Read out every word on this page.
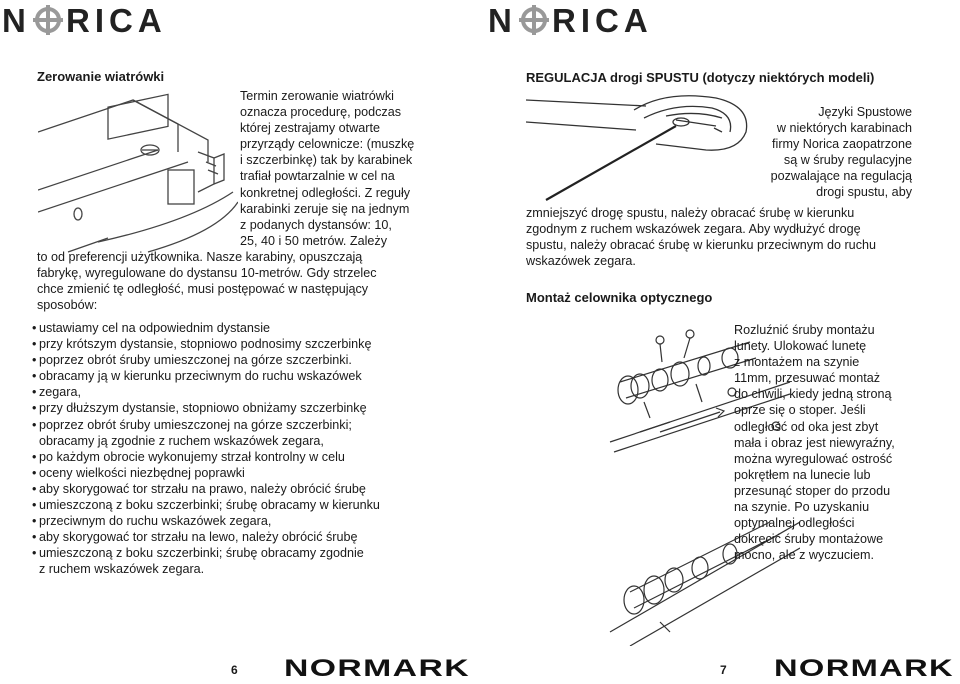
N RICA
Zerowanie wiatrówki
Termin zerowanie wiatrówki
oznacza procedurę, podczas
której zestrajamy otwarte
przyrządy celownicze: (muszkę
i szczerbinkę) tak by karabinek
trafiał powtarzalnie w cel na
konkretnej odległości. Z reguły
karabinki zeruje się na jednym
z podanych dystansów: 10,
25, 40 i 50 metrów. Zależy
to od preferencji użytkownika. Nasze karabiny, opuszczają
fabrykę, wyregulowane do dystansu 10-metrów. Gdy strzelec
chce zmienić tę odległość, musi postępować w następujący
sposobów:
• ustawiamy cel na odpowiednim dystansie
• przy krótszym dystansie, stopniowo podnosimy szczerbinkę
• poprzez obrót śruby umieszczonej na górze szczerbinki.
• obracamy ją w kierunku przeciwnym do ruchu wskazówek
• zegara,
• przy dłuższym dystansie, stopniowo obniżamy szczerbinkę
• poprzez obrót śruby umieszczonej na górze szczerbinki;
obracamy ją zgodnie z ruchem wskazówek zegara,
• po każdym obrocie wykonujemy strzał kontrolny w celu
• oceny wielkości niezbędnej poprawki
• aby skorygować tor strzału na prawo, należy obrócić śrubę
• umieszczoną z boku szczerbinki; śrubę obracamy w kierunku
• przeciwnym do ruchu wskazówek zegara,
• aby skorygować tor strzału na lewo, należy obrócić śrubę
• umieszczoną z boku szczerbinki; śrubę obracamy zgodnie
z ruchem wskazówek zegara.
6 NORMARK
N RICA
REGULACJA drogi SPUSTU (dotyczy niektórych modeli)
Języki Spustowe
w niektórych karabinach
firmy Norica zaopatrzone
są w śruby regulacyjne
pozwalające na regulacją
drogi spustu, aby
zmniejszyć drogę spustu, należy obracać śrubę w kierunku
zgodnym z ruchem wskazówek zegara. Aby wydłużyć drogę
spustu, należy obracać śrubę w kierunku przeciwnym do ruchu
wskazówek zegara.
Montaż celownika optycznego
Rozluźnić śruby montażu
lunety. Ulokować lunetę
z montażem na szynie
11mm, przesuwać montaż
do chwili, kiedy jedną stroną
oprze się o stoper. Jeśli
odległość od oka jest zbyt
mała i obraz jest niewyraźny,
można wyregulować ostrość
pokrętłem na lunecie lub
przesunąć stoper do przodu
na szynie. Po uzyskaniu
optymalnej odległości
dokręcić śruby montażowe
mocno, ale z wyczuciem.
7 NORMARK
